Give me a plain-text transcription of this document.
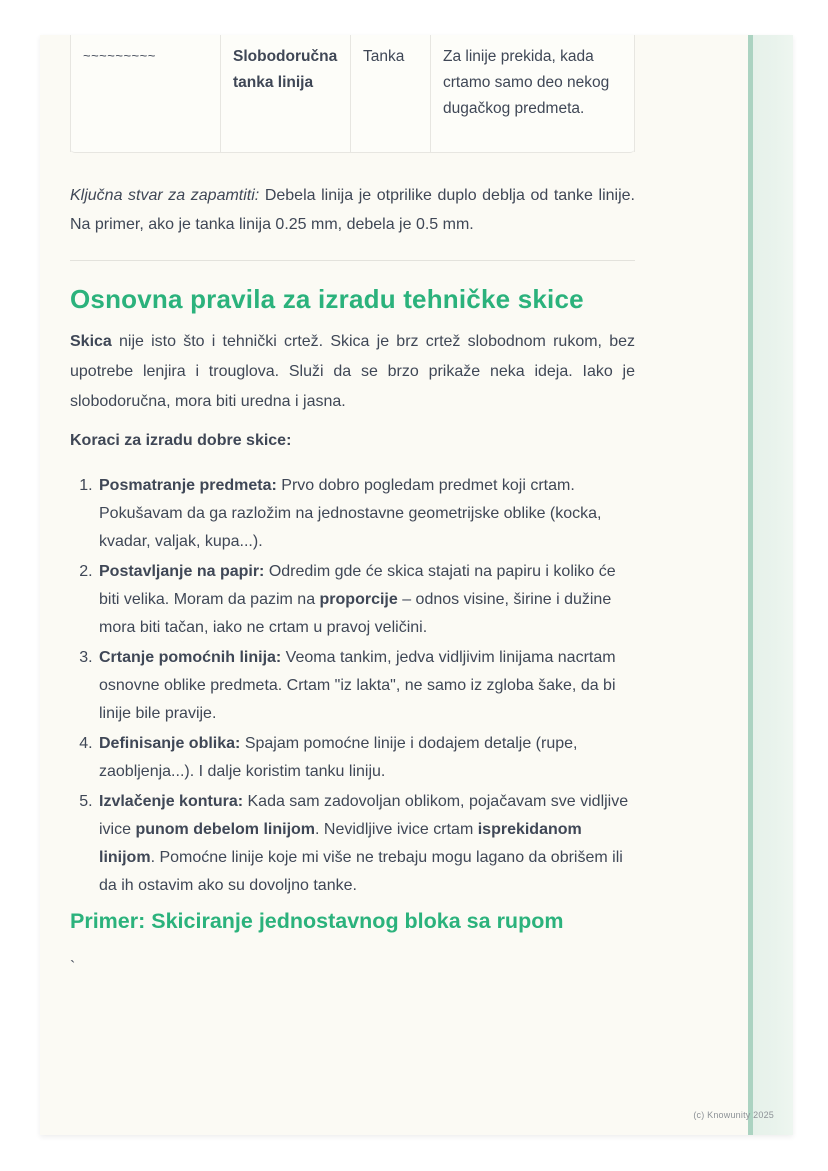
~~~~~~~~~	Slobodoručna tanka linija
Tanka	Za linije prekida, kada crtamo samo deo nekog dugačkog predmeta.

Ključna stvar za zapamtiti: Debela linija je otprilike duplo deblja od tanke linije. Na primer, ako je tanka linija 0.25 mm, debela je 0.5 mm.

Osnovna pravila za izradu tehničke skice

Skica nije isto što i tehnički crtež. Skica je brz crtež slobodnom rukom, bez upotrebe lenjira i trouglova. Služi da se brzo prikaže neka ideja. Iako je slobodoručna, mora biti uredna i jasna.

Koraci za izradu dobre skice:

1. Posmatranje predmeta: Prvo dobro pogledam predmet koji crtam. Pokušavam da ga razložim na jednostavne geometrijske oblike (kocka, kvadar, valjak, kupa...).
2. Postavljanje na papir: Odredim gde će skica stajati na papiru i koliko će biti velika. Moram da pazim na proporcije – odnos visine, širine i dužine mora biti tačan, iako ne crtam u pravoj veličini.
3. Crtanje pomoćnih linija: Veoma tankim, jedva vidljivim linijama nacrtam osnovne oblike predmeta. Crtam "iz lakta", ne samo iz zgloba šake, da bi linije bile pravije.
4. Definisanje oblika: Spajam pomoćne linije i dodajem detalje (rupe, zaobljenja...). I dalje koristim tanku liniju.
5. Izvlačenje kontura: Kada sam zadovoljan oblikom, pojačavam sve vidljive ivice punom debelom linijom. Nevidljive ivice crtam isprekidanom linijom. Pomoćne linije koje mi više ne trebaju mogu lagano da obrišem ili da ih ostavim ako su dovoljno tanke.
Primer: Skiciranje jednostavnog bloka sa rupom

`

(c) Knowunity 2025
